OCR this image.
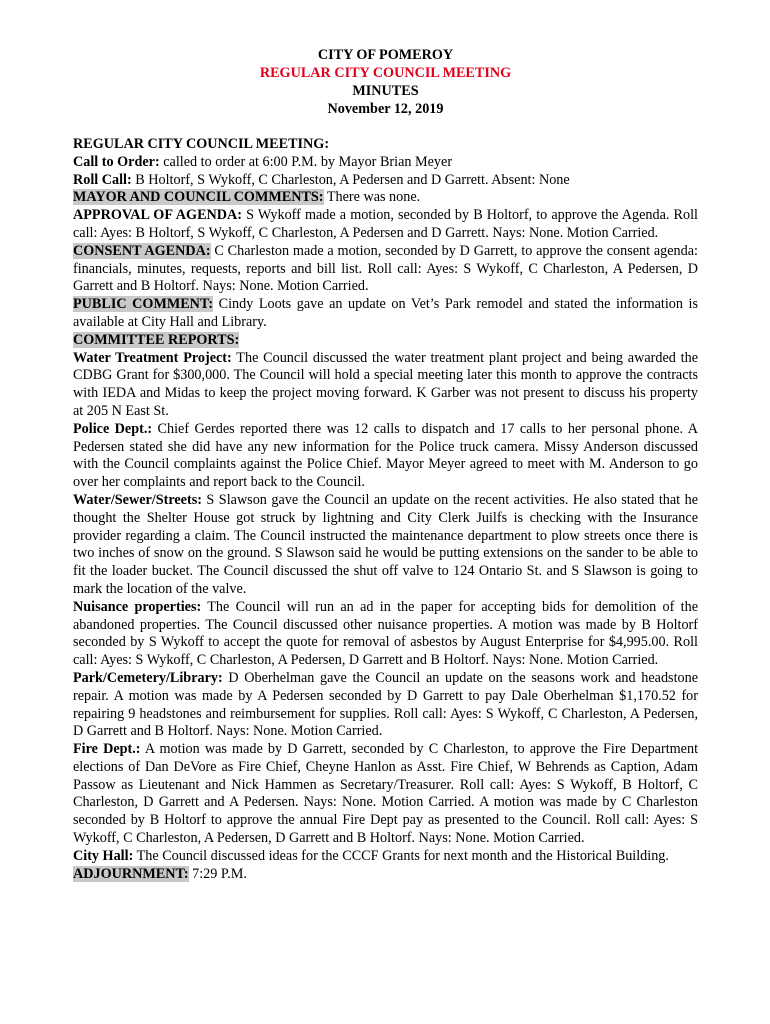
CITY OF POMEROY
REGULAR CITY COUNCIL MEETING
MINUTES
November 12, 2019

REGULAR CITY COUNCIL MEETING:

Call to Order: called to order at 6:00 P.M. by Mayor Brian Meyer

Roll Call: B Holtorf, S Wykoff, C Charleston, A Pedersen and D Garrett. Absent: None

MAYOR AND COUNCIL COMMENTS: There was none.

APPROVAL OF AGENDA: S Wykoff made a motion, seconded by B Holtorf, to approve the Agenda. Roll call: Ayes: B Holtorf, S Wykoff, C Charleston, A Pedersen and D Garrett. Nays: None. Motion Carried.

CONSENT AGENDA: C Charleston made a motion, seconded by D Garrett, to approve the consent agenda: financials, minutes, requests, reports and bill list. Roll call: Ayes: S Wykoff, C Charleston, A Pedersen, D Garrett and B Holtorf. Nays: None. Motion Carried.

PUBLIC COMMENT: Cindy Loots gave an update on Vet’s Park remodel and stated the information is available at City Hall and Library.

COMMITTEE REPORTS:

Water Treatment Project: The Council discussed the water treatment plant project and being awarded the CDBG Grant for $300,000. The Council will hold a special meeting later this month to approve the contracts with IEDA and Midas to keep the project moving forward. K Garber was not present to discuss his property at 205 N East St.

Police Dept.: Chief Gerdes reported there was 12 calls to dispatch and 17 calls to her personal phone. A Pedersen stated she did have any new information for the Police truck camera. Missy Anderson discussed with the Council complaints against the Police Chief. Mayor Meyer agreed to meet with M. Anderson to go over her complaints and report back to the Council.

Water/Sewer/Streets: S Slawson gave the Council an update on the recent activities. He also stated that he thought the Shelter House got struck by lightning and City Clerk Juilfs is checking with the Insurance provider regarding a claim. The Council instructed the maintenance department to plow streets once there is two inches of snow on the ground. S Slawson said he would be putting extensions on the sander to be able to fit the loader bucket. The Council discussed the shut off valve to 124 Ontario St. and S Slawson is going to mark the location of the valve.

Nuisance properties: The Council will run an ad in the paper for accepting bids for demolition of the abandoned properties. The Council discussed other nuisance properties. A motion was made by B Holtorf seconded by S Wykoff to accept the quote for removal of asbestos by August Enterprise for $4,995.00. Roll call: Ayes: S Wykoff, C Charleston, A Pedersen, D Garrett and B Holtorf. Nays: None. Motion Carried.

Park/Cemetery/Library: D Oberhelman gave the Council an update on the seasons work and headstone repair. A motion was made by A Pedersen seconded by D Garrett to pay Dale Oberhelman $1,170.52 for repairing 9 headstones and reimbursement for supplies. Roll call: Ayes: S Wykoff, C Charleston, A Pedersen, D Garrett and B Holtorf. Nays: None. Motion Carried.

Fire Dept.: A motion was made by D Garrett, seconded by C Charleston, to approve the Fire Department elections of Dan DeVore as Fire Chief, Cheyne Hanlon as Asst. Fire Chief, W Behrends as Caption, Adam Passow as Lieutenant and Nick Hammen as Secretary/Treasurer. Roll call: Ayes: S Wykoff, B Holtorf, C Charleston, D Garrett and A Pedersen. Nays: None. Motion Carried. A motion was made by C Charleston seconded by B Holtorf to approve the annual Fire Dept pay as presented to the Council. Roll call: Ayes: S Wykoff, C Charleston, A Pedersen, D Garrett and B Holtorf. Nays: None. Motion Carried.

City Hall: The Council discussed ideas for the CCCF Grants for next month and the Historical Building.

ADJOURNMENT: 7:29 P.M.
